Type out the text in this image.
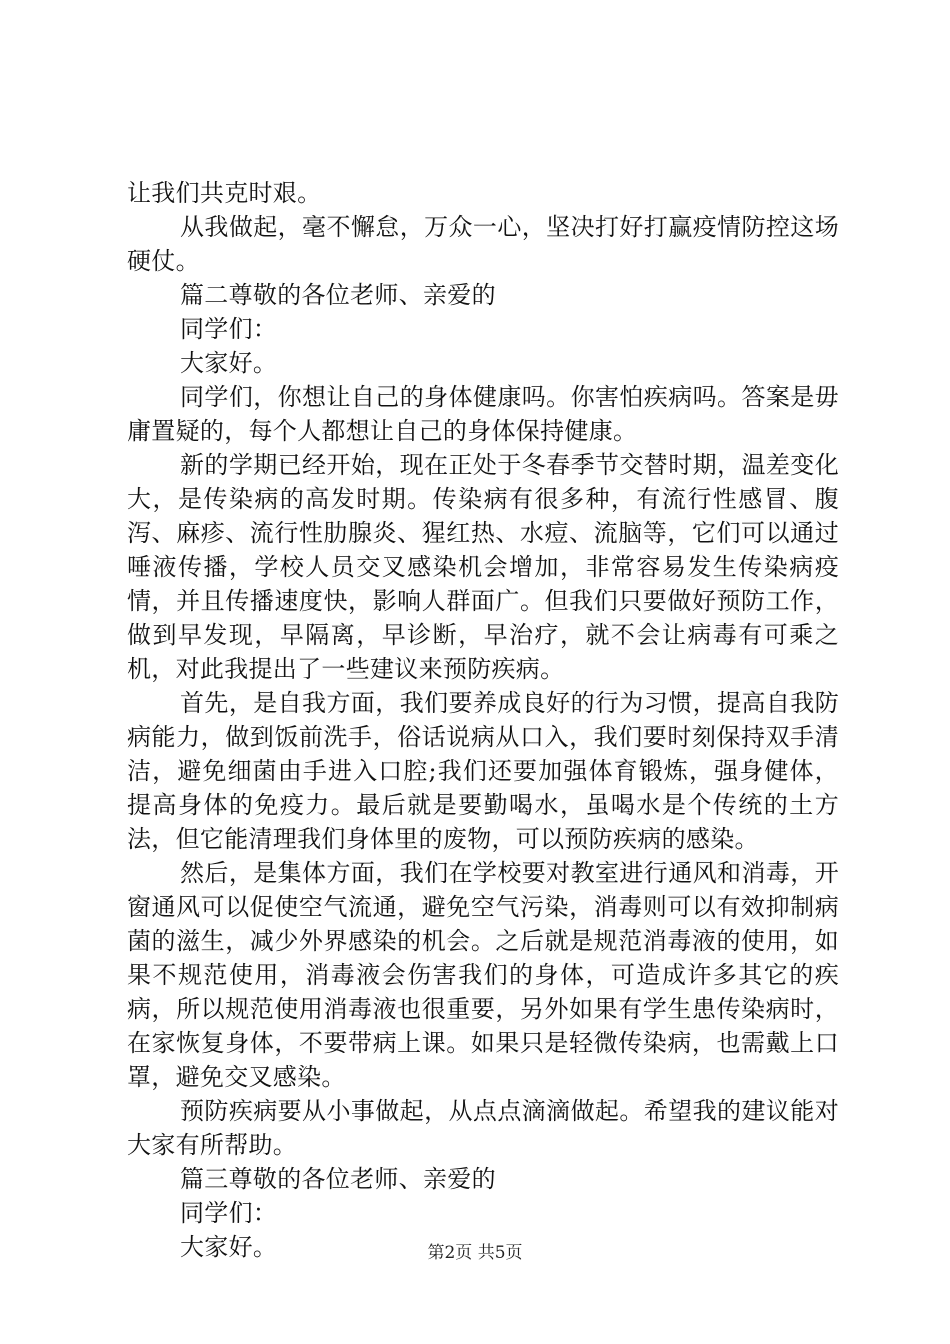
让我们共克时艰。

从我做起，毫不懈怠，万众一心，坚决打好打赢疫情防控这场硬仗。

篇二尊敬的各位老师、亲爱的

同学们：

大家好。

同学们，你想让自己的身体健康吗。你害怕疾病吗。答案是毋庸置疑的，每个人都想让自己的身体保持健康。

新的学期已经开始，现在正处于冬春季节交替时期，温差变化大，是传染病的高发时期。传染病有很多种，有流行性感冒、腹泻、麻疹、流行性肋腺炎、猩红热、水痘、流脑等，它们可以通过唾液传播，学校人员交叉感染机会增加，非常容易发生传染病疫情，并且传播速度快，影响人群面广。但我们只要做好预防工作，做到早发现，早隔离，早诊断，早治疗，就不会让病毒有可乘之机，对此我提出了一些建议来预防疾病。

首先，是自我方面，我们要养成良好的行为习惯，提高自我防病能力，做到饭前洗手，俗话说病从口入，我们要时刻保持双手清洁，避免细菌由手进入口腔;我们还要加强体育锻炼，强身健体，提高身体的免疫力。最后就是要勤喝水，虽喝水是个传统的土方法，但它能清理我们身体里的废物，可以预防疾病的感染。

然后，是集体方面，我们在学校要对教室进行通风和消毒，开窗通风可以促使空气流通，避免空气污染，消毒则可以有效抑制病菌的滋生，减少外界感染的机会。之后就是规范消毒液的使用，如果不规范使用，消毒液会伤害我们的身体，可造成许多其它的疾病，所以规范使用消毒液也很重要，另外如果有学生患传染病时，在家恢复身体，不要带病上课。如果只是轻微传染病，也需戴上口罩，避免交叉感染。

预防疾病要从小事做起，从点点滴滴做起。希望我的建议能对大家有所帮助。

篇三尊敬的各位老师、亲爱的

同学们：

大家好。	第2页 共5页
